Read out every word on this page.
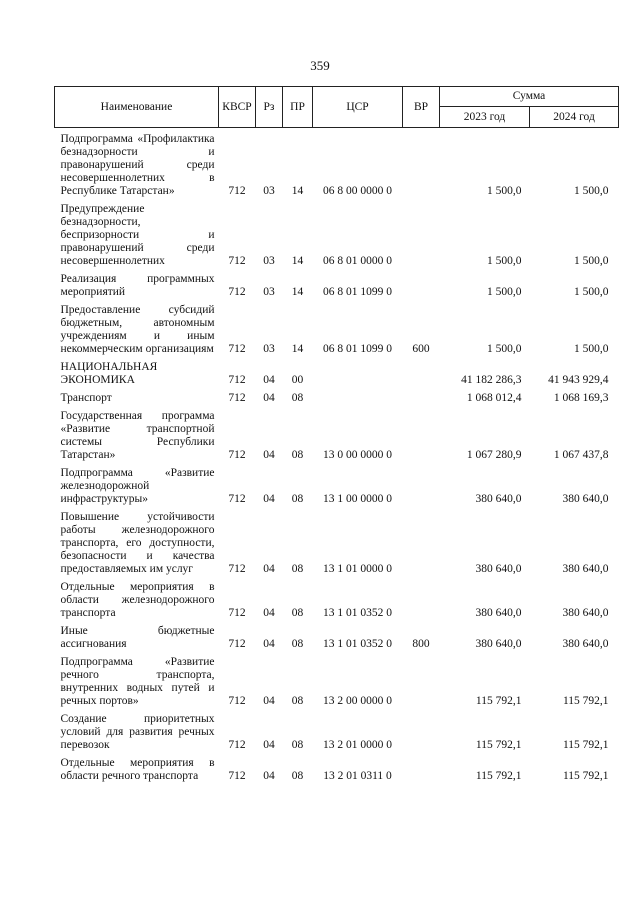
359
Наименование	КВСР	Рз	ПР	ЦСР	ВР	Сумма	
						2023 год	2024 год
Подпрограмма «Профилактика безнадзорности и правонарушений среди несовершеннолетних в Республике Татарстан»	712	03	14	06 8 00 0000 0		1 500,0	1 500,0
Предупреждение безнадзорности, беспризорности и правонарушений среди несовершеннолетних	712	03	14	06 8 01 0000 0		1 500,0	1 500,0
Реализация программных мероприятий	712	03	14	06 8 01 1099 0		1 500,0	1 500,0
Предоставление субсидий бюджетным, автономным учреждениям и иным некоммерческим организациям	712	03	14	06 8 01 1099 0	600	1 500,0	1 500,0
НАЦИОНАЛЬНАЯ ЭКОНОМИКА	712	04	00			41 182 286,3	41 943 929,4
Транспорт	712	04	08			1 068 012,4	1 068 169,3
Государственная программа «Развитие транспортной системы Республики Татарстан»	712	04	08	13 0 00 0000 0		1 067 280,9	1 067 437,8
Подпрограмма «Развитие железнодорожной инфраструктуры»	712	04	08	13 1 00 0000 0		380 640,0	380 640,0
Повышение устойчивости работы железнодорожного транспорта, его доступности, безопасности и качества предоставляемых им услуг	712	04	08	13 1 01 0000 0		380 640,0	380 640,0
Отдельные мероприятия в области железнодорожного транспорта	712	04	08	13 1 01 0352 0		380 640,0	380 640,0
Иные бюджетные ассигнования	712	04	08	13 1 01 0352 0	800	380 640,0	380 640,0
Подпрограмма «Развитие речного транспорта, внутренних водных путей и речных портов»	712	04	08	13 2 00 0000 0		115 792,1	115 792,1
Создание приоритетных условий для развития речных перевозок	712	04	08	13 2 01 0000 0		115 792,1	115 792,1
Отдельные мероприятия в области речного транспорта	712	04	08	13 2 01 0311 0		115 792,1	115 792,1
